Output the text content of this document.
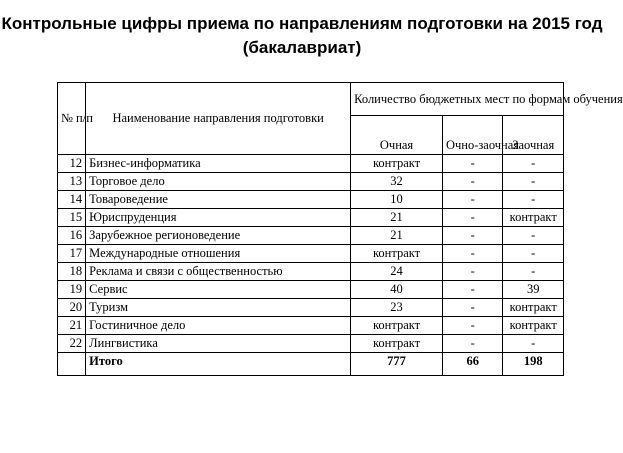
Контрольные цифры приема по направлениям подготовки на 2015 год
(бакалавриат)
№ п/п	Наименование направления подготовки	Количество бюджетных мест по формам обучения		
		Очная	Очно-заочная	Заочная
12	Бизнес-информатика	контракт	-	-
13	Торговое дело	32	-	-
14	Товароведение	10	-	-
15	Юриспруденция	21	-	контракт
16	Зарубежное регионоведение	21	-	-
17	Международные отношения	контракт	-	-
18	Реклама и связи с общественностью	24	-	-
19	Сервис	40	-	39
20	Туризм	23	-	контракт
21	Гостиничное дело	контракт	-	контракт
22	Лингвистика	контракт	-	-
	Итого	777	66	198
